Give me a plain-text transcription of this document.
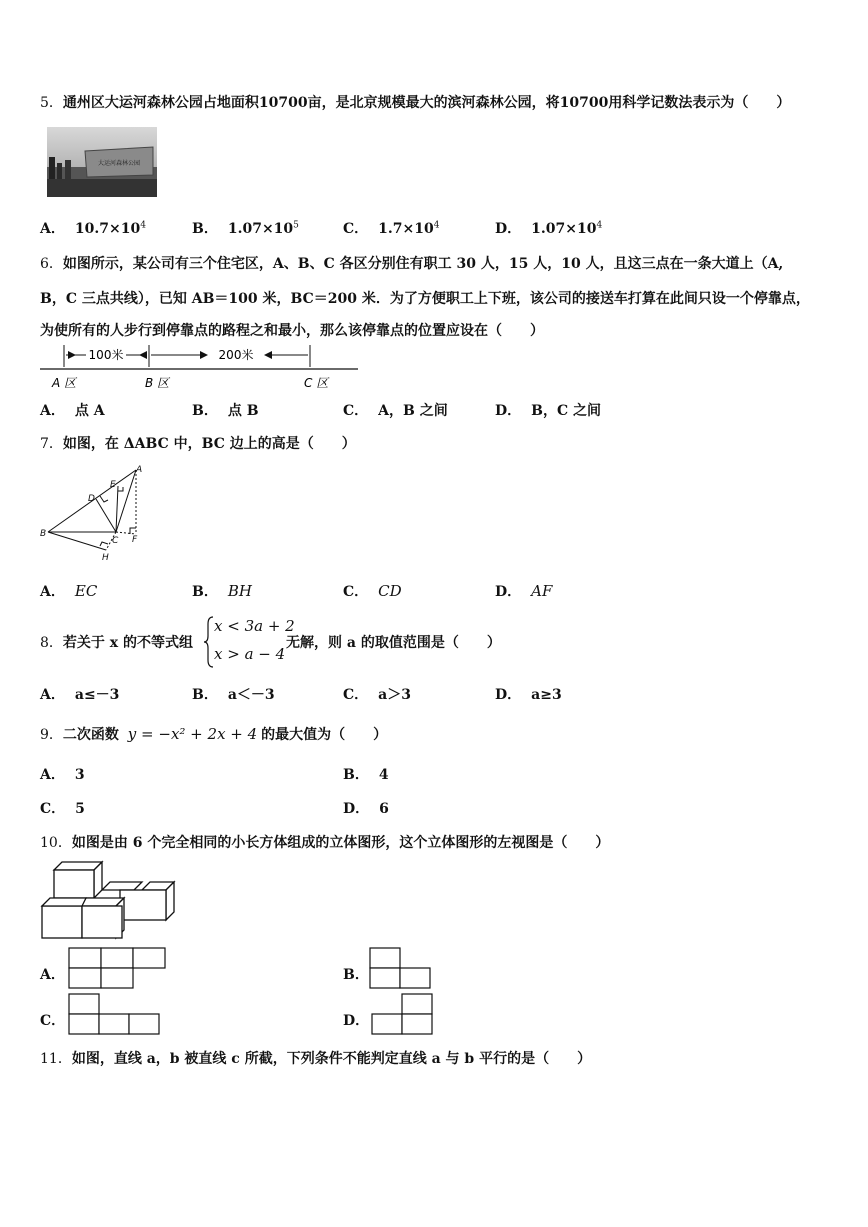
5．通州区大运河森林公园占地面积10700亩，是北京规模最大的滨河森林公园，将10700用科学记数法表示为（　　）
大运河森林公园
A． $10.7\times 10^4$	B． $1.07\times 10^5$	C． $1.7\times 10^4$	D． $1.07\times 10^4$
6．如图所示，某公司有三个住宅区，A、B、C 各区分别住有职工 30 人，15 人，10 人，且这三点在一条大道上（A,
B，C 三点共线），已知 AB＝100 米，BC＝200 米．为了方便职工上下班，该公司的接送车打算在此间只设一个停靠点，
为使所有的人步行到停靠点的路程之和最小，那么该停靠点的位置应设在（　　）
100米	200米
A 区	B 区	C 区
A． 点 A	B． 点 B	C． A，B 之间	D． B，C 之间
7．如图，在 ΔABC 中，BC 边上的高是（　　）
A
B
C
D
E
F
H
A． EC	B． BH	C． CD	D． AF
8．若关于 x 的不等式组
x < 3a + 2
x > a − 4
无解，则 a 的取值范围是（　　）
A． a≤－3	B． a＜－3	C． a＞3	D． a≥3
9．二次函数 y = −x² + 2x + 4 的最大值为（　　）
A． 3	B． 4
C． 5	D． 6
10．如图是由 6 个完全相同的小长方体组成的立体图形，这个立体图形的左视图是（　　）
A．	B．
C．	D．
11．如图，直线 a，b 被直线 c 所截，下列条件不能判定直线 a 与 b 平行的是（　　）
